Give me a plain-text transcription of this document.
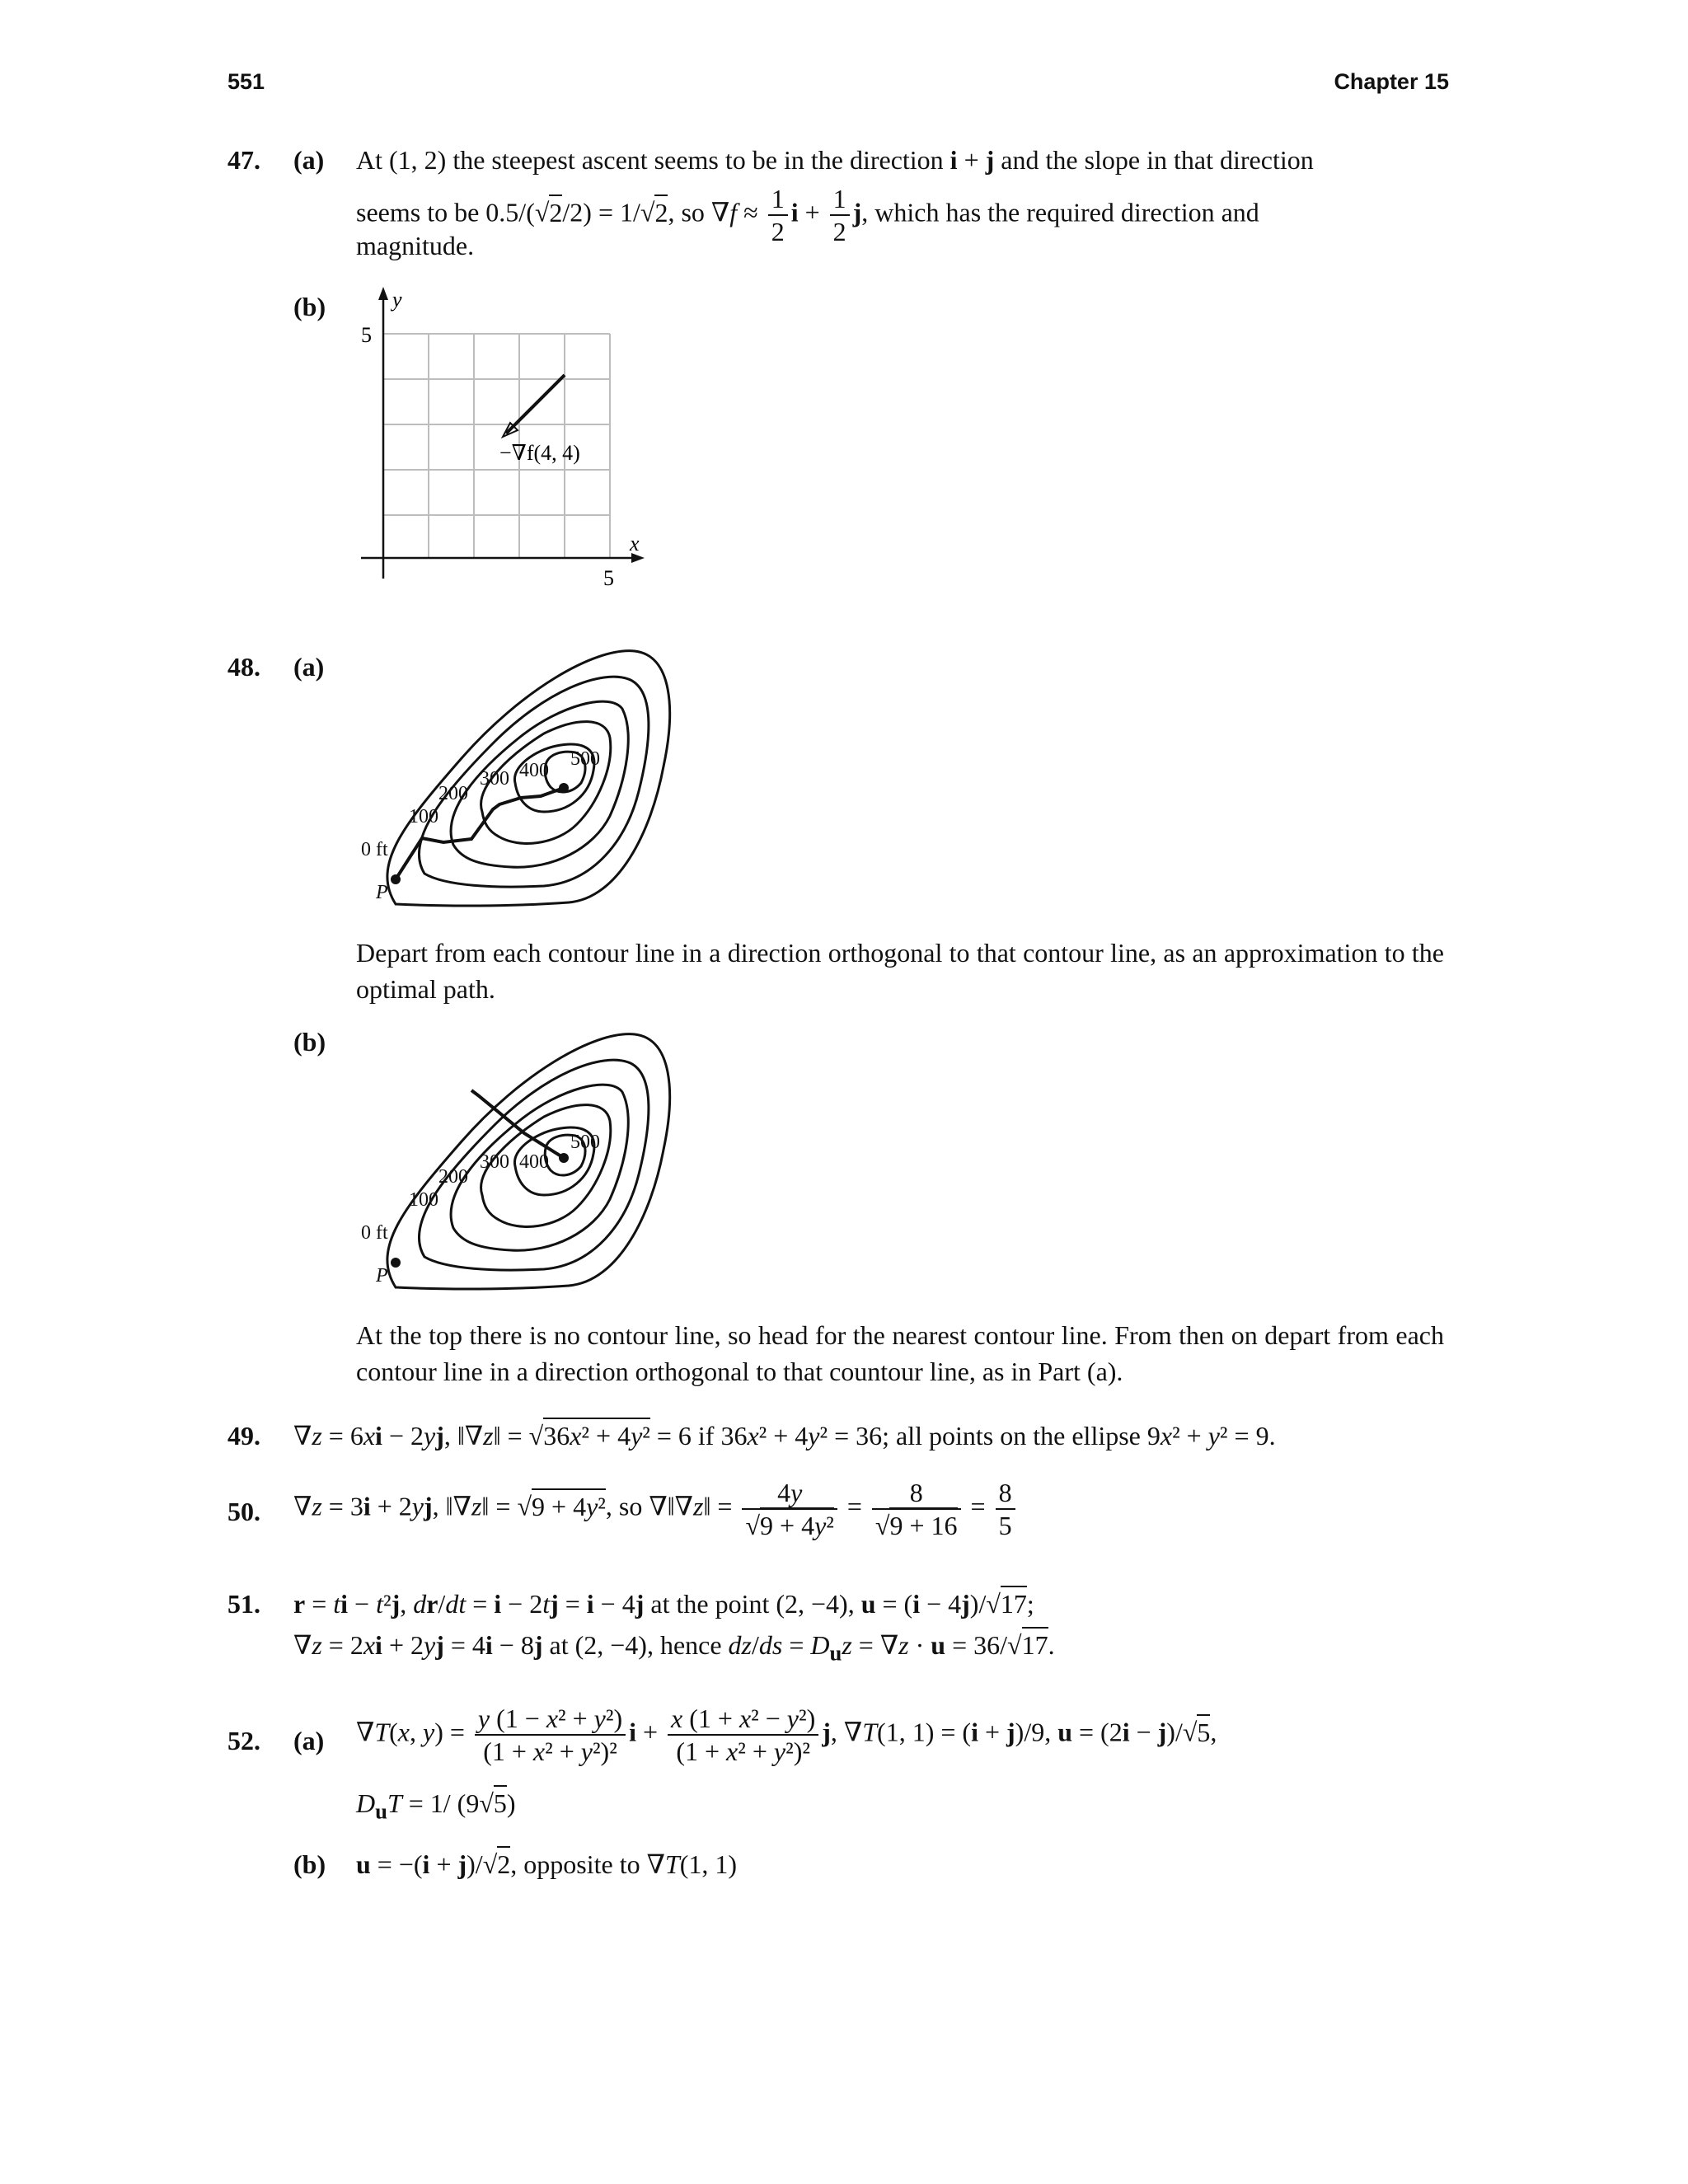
551	Chapter 15
47. (a) At (1, 2) the steepest ascent seems to be in the direction i + j and the slope in that direction
seems to be 0.5/(√2/2) = 1/√2, so $\nabla f \approx \frac{1}{2}$ $i + \frac{1}{2} j$, which has the required direction and
magnitude.
(b)	y
x
5
5
−∇f(4, 4)
48. (a)
0 ft
100
200
300 400
500
P
Depart from each contour line in a direction orthogonal to that contour line, as an approximation to the optimal path.
(b)
0 ft
100
200
300 400
500
P
At the top there is no contour line, so head for the nearest contour line. From then on depart from each contour line in a direction orthogonal to that countour line, as in Part (a).
49. ∇z = 6xi − 2yj, ‖∇z‖ = √36x² + 4y² = 6 if 36x² + 4y² = 36; all points on the ellipse 9x² + y² = 9.
50. ∇z = 3i + 2yj, ‖∇z‖ = √9 + 4y², so ∇‖∇z‖ = $\frac{4y}{\text{√9 + 4y²}} = \frac{8}{√9 + 16} = \frac{8}{5}$
51. r = ti − t²j, dr/dt = i − 2tj = i − 4j at the point (2, −4), u = (i − 4j)/√17;
∇z = 2xi + 2yj = 4i − 8j at (2, −4), hence $dz/ds = D_uz = \nabla z \cdot u = 36/√17$.
52. (a) ∇T(x, $y) = \frac{\text{y (1 − x² + y²)}}{\text{(1 + x² + y²)²}}$ $i + \frac{\text{x (1 + x² − y²)}}{\text{(1 + x² + y²)²}} j$, ∇T(1, 1) = (i + j)/9, u = (2i − j)/√5,
$D_uT = 1/$ (9√5)
(b) u = −(i + j)/√2, opposite to ∇T(1, 1)
